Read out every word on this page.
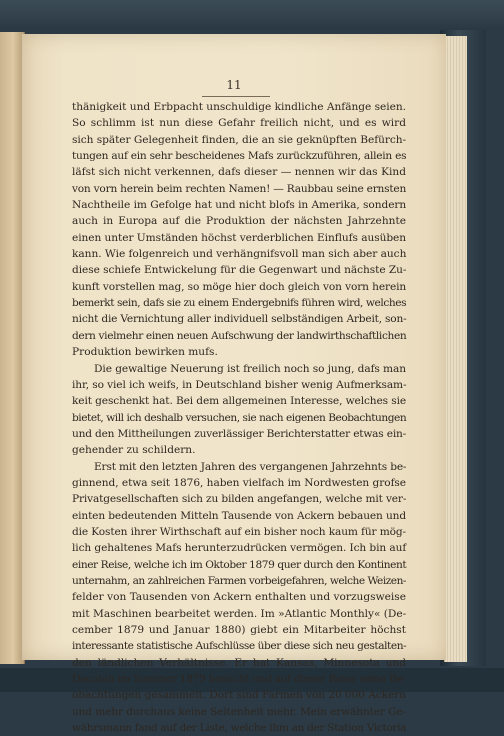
11
thänigkeit und Erbpacht unschuldige kindliche Anfänge seien.
So schlimm ist nun diese Gefahr freilich nicht, und es wird
sich später Gelegenheit finden, die an sie geknüpften Befürch-
tungen auf ein sehr bescheidenes Mafs zurückzuführen, allein es
läfst sich nicht verkennen, dafs dieser — nennen wir das Kind
von vorn herein beim rechten Namen! — Raubbau seine ernsten
Nachtheile im Gefolge hat und nicht blofs in Amerika, sondern
auch in Europa auf die Produktion der nächsten Jahrzehnte
einen unter Umständen höchst verderblichen Einflufs ausüben
kann. Wie folgenreich und verhängnifsvoll man sich aber auch
diese schiefe Entwickelung für die Gegenwart und nächste Zu-
kunft vorstellen mag, so möge hier doch gleich von vorn herein
bemerkt sein, dafs sie zu einem Endergebnifs führen wird, welches
nicht die Vernichtung aller individuell selbständigen Arbeit, son-
dern vielmehr einen neuen Aufschwung der landwirthschaftlichen
Produktion bewirken mufs.
Die gewaltige Neuerung ist freilich noch so jung, dafs man
ihr, so viel ich weifs, in Deutschland bisher wenig Aufmerksam-
keit geschenkt hat. Bei dem allgemeinen Interesse, welches sie
bietet, will ich deshalb versuchen, sie nach eigenen Beobachtungen
und den Mittheilungen zuverlässiger Berichterstatter etwas ein-
gehender zu schildern.
Erst mit den letzten Jahren des vergangenen Jahrzehnts be-
ginnend, etwa seit 1876, haben vielfach im Nordwesten grofse
Privatgesellschaften sich zu bilden angefangen, welche mit ver-
einten bedeutenden Mitteln Tausende von Ackern bebauen und
die Kosten ihrer Wirthschaft auf ein bisher noch kaum für mög-
lich gehaltenes Mafs herunterzudrücken vermögen. Ich bin auf
einer Reise, welche ich im Oktober 1879 quer durch den Kontinent
unternahm, an zahlreichen Farmen vorbeigefahren, welche Weizen-
felder von Tausenden von Ackern enthalten und vorzugsweise
mit Maschinen bearbeitet werden. Im »Atlantic Monthly« (De-
cember 1879 und Januar 1880) giebt ein Mitarbeiter höchst
interessante statistische Aufschlüsse über diese sich neu gestalten-
den ländlichen Verhältnisse. Er hat Kansas, Minnesota und
Dacotah im Sommer 1879 besucht und auf dieser Reise seine Be-
obachtungen gesammelt. Dort sind Farmen von 20 000 Ackern
und mehr durchaus keine Seltenheit mehr. Mein erwähnter Ge-
währsmann fand auf der Liste, welche ihm an der Station Victoria
